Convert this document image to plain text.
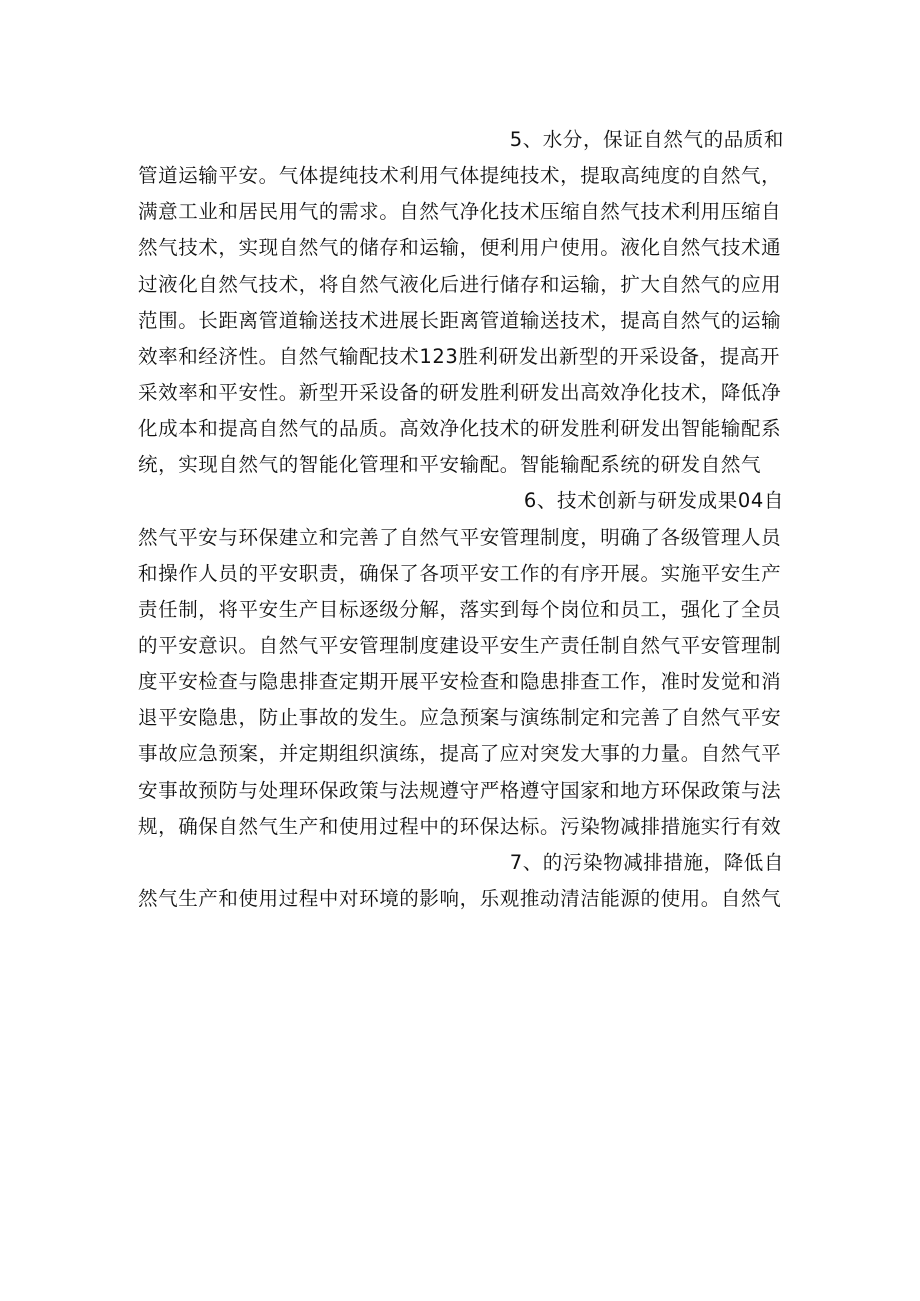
5、水分，保证自然气的品质和
管道运输平安。气体提纯技术利用气体提纯技术，提取高纯度的自然气，
满意工业和居民用气的需求。自然气净化技术压缩自然气技术利用压缩自
然气技术，实现自然气的储存和运输，便利用户使用。液化自然气技术通
过液化自然气技术，将自然气液化后进行储存和运输，扩大自然气的应用
范围。长距离管道输送技术进展长距离管道输送技术，提高自然气的运输
效率和经济性。自然气输配技术123胜利研发出新型的开采设备，提高开
采效率和平安性。新型开采设备的研发胜利研发出高效净化技术，降低净
化成本和提高自然气的品质。高效净化技术的研发胜利研发出智能输配系
统，实现自然气的智能化管理和平安输配。智能输配系统的研发自然气
6、技术创新与研发成果04自
然气平安与环保建立和完善了自然气平安管理制度，明确了各级管理人员
和操作人员的平安职责，确保了各项平安工作的有序开展。实施平安生产
责任制，将平安生产目标逐级分解，落实到每个岗位和员工，强化了全员
的平安意识。自然气平安管理制度建设平安生产责任制自然气平安管理制
度平安检查与隐患排查定期开展平安检查和隐患排查工作，准时发觉和消
退平安隐患，防止事故的发生。应急预案与演练制定和完善了自然气平安
事故应急预案，并定期组织演练，提高了应对突发大事的力量。自然气平
安事故预防与处理环保政策与法规遵守严格遵守国家和地方环保政策与法
规，确保自然气生产和使用过程中的环保达标。污染物减排措施实行有效
7、的污染物减排措施，降低自
然气生产和使用过程中对环境的影响，乐观推动清洁能源的使用。自然气
